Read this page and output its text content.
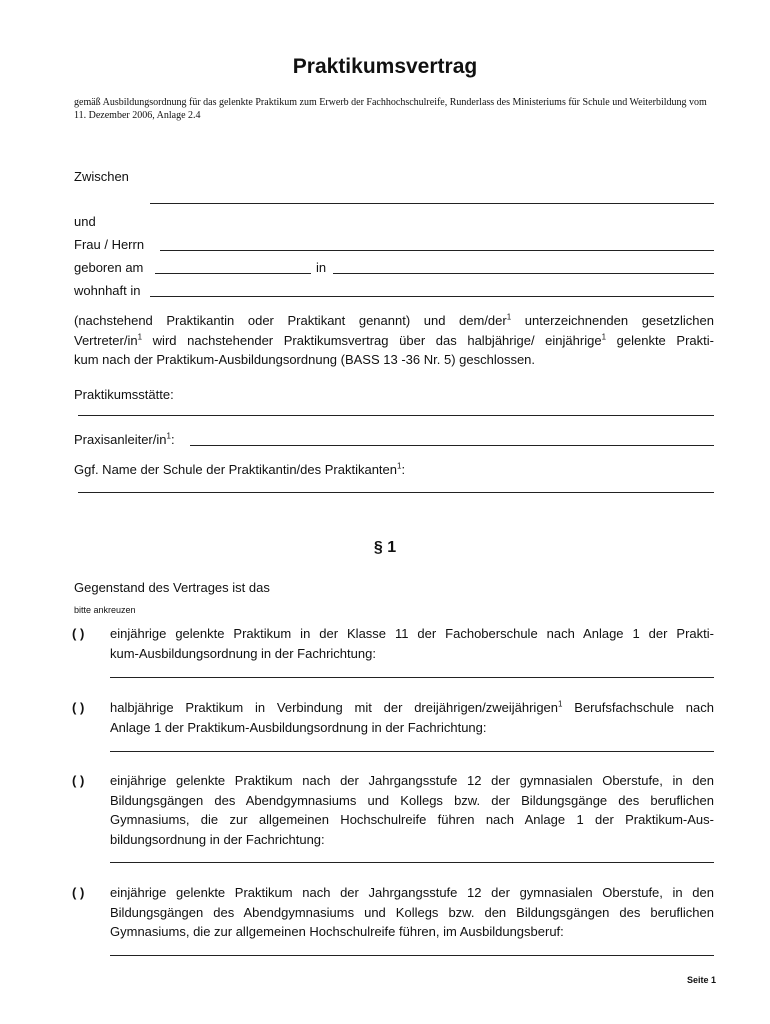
Praktikumsvertrag
gemäß Ausbildungsordnung für das gelenkte Praktikum zum Erwerb der Fachhochschulreife, Runderlass des Ministeriums für Schule und Weiterbildung vom 11. Dezember 2006, Anlage 2.4
Zwischen
und
Frau / Herrn
geboren am	in
wohnhaft in
(nachstehend Praktikantin oder Praktikant genannt) und dem/der$^1$ unterzeichnenden gesetzlichen
Vertreter/$in^1$ wird nachstehender Praktikumsvertrag über das halbjährige/ einjährige$^1$ gelenkte Prakti-
kum nach der Praktikum-Ausbildungsordnung (BASS 13 -36 Nr. 5) geschlossen.
Praktikumsstätte:
Praxisanleiter/$in^1$:
Ggf. Name der Schule der Praktikantin/des Praktikanten$^1$:
§ 1
Gegenstand des Vertrages ist das
bitte ankreuzen
( ) einjährige gelenkte Praktikum in der Klasse 11 der Fachoberschule nach Anlage 1 der Prakti-
kum-Ausbildungsordnung in der Fachrichtung:
( ) halbjährige Praktikum in Verbindung mit der dreijährigen/zweijährigen$^1$ Berufsfachschule nach
Anlage 1 der Praktikum-Ausbildungsordnung in der Fachrichtung:
( ) einjährige gelenkte Praktikum nach der Jahrgangsstufe 12 der gymnasialen Oberstufe, in den
Bildungsgängen des Abendgymnasiums und Kollegs bzw. der Bildungsgänge des beruflichen
Gymnasiums, die zur allgemeinen Hochschulreife führen nach Anlage 1 der Praktikum-Aus-
bildungsordnung in der Fachrichtung:
( ) einjährige gelenkte Praktikum nach der Jahrgangsstufe 12 der gymnasialen Oberstufe, in den
Bildungsgängen des Abendgymnasiums und Kollegs bzw. den Bildungsgängen des beruflichen
Gymnasiums, die zur allgemeinen Hochschulreife führen, im Ausbildungsberuf:
Seite 1
